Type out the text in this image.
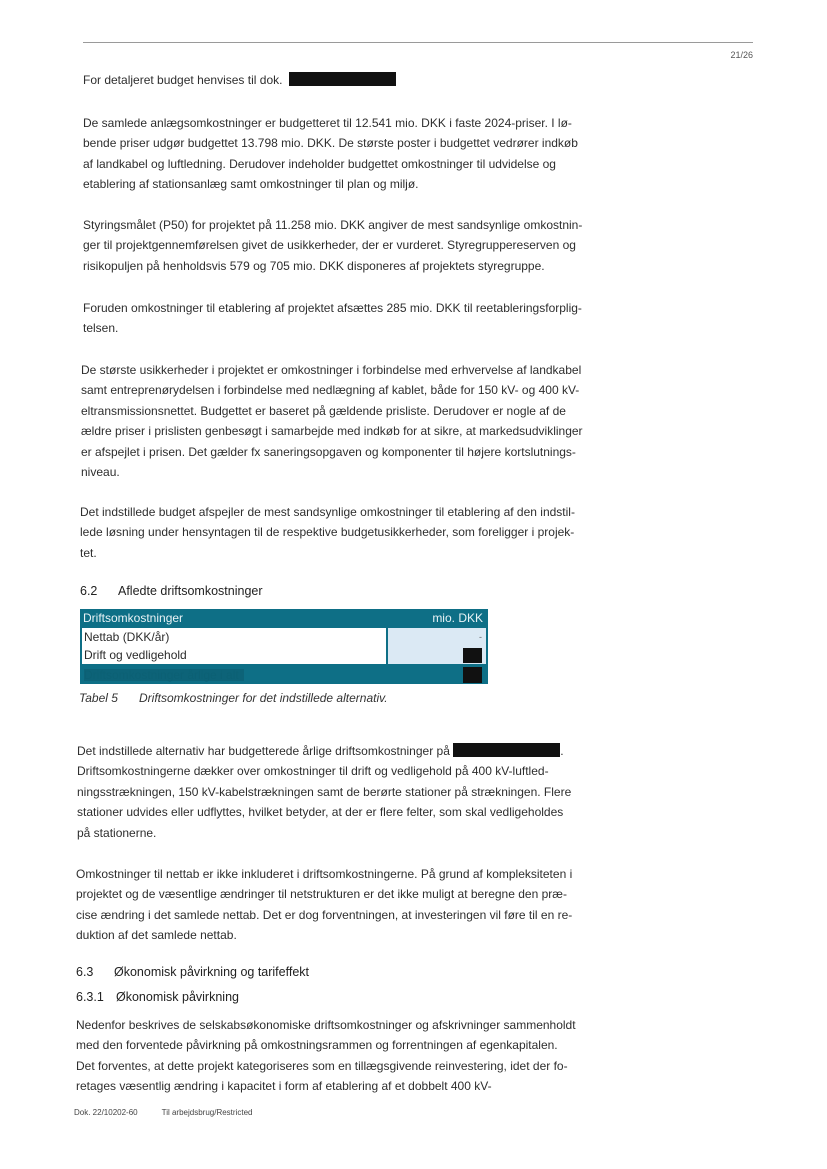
21/26

For detaljeret budget henvises til dok.

De samlede anlægsomkostninger er budgetteret til 12.541 mio. DKK i faste 2024-priser. I lø-
bende priser udgør budgettet 13.798 mio. DKK. De største poster i budgettet vedrører indkøb
af landkabel og luftledning. Derudover indeholder budgettet omkostninger til udvidelse og
etablering af stationsanlæg samt omkostninger til plan og miljø.

Styringsmålet (P50) for projektet på 11.258 mio. DKK angiver de mest sandsynlige omkostnin-
ger til projektgennemførelsen givet de usikkerheder, der er vurderet. Styregruppereserven og
risikopuljen på henholdsvis 579 og 705 mio. DKK disponeres af projektets styregruppe.

Foruden omkostninger til etablering af projektet afsættes 285 mio. DKK til reetableringsforplig-
telsen.

De største usikkerheder i projektet er omkostninger i forbindelse med erhvervelse af landkabel
samt entreprenørydelsen i forbindelse med nedlægning af kablet, både for 150 kV- og 400 kV-
eltransmissionsnettet. Budgettet er baseret på gældende prisliste. Derudover er nogle af de
ældre priser i prislisten genbesøgt i samarbejde med indkøb for at sikre, at markedsudviklinger
er afspejlet i prisen. Det gælder fx saneringsopgaven og komponenter til højere kortslutnings-
niveau.

Det indstillede budget afspejler de mest sandsynlige omkostninger til etablering af den indstil-
lede løsning under hensyntagen til de respektive budgetusikkerheder, som foreligger i projek-
tet.

6.2 Afledte driftsomkostninger
Driftsomkostninger	mio. DKK
Nettab (DKK/år)	-
Drift og vedligehold
Tabel 5 Driftsomkostninger for det indstillede alternativ.

Det indstillede alternativ har budgetterede årlige driftsomkostninger på	.
Driftsomkostningerne dækker over omkostninger til drift og vedligehold på 400 kV-luftled-
ningsstrækningen, 150 kV-kabelstrækningen samt de berørte stationer på strækningen. Flere
stationer udvides eller udflyttes, hvilket betyder, at der er flere felter, som skal vedligeholdes
på stationerne.

Omkostninger til nettab er ikke inkluderet i driftsomkostningerne. På grund af kompleksiteten i
projektet og de væsentlige ændringer til netstrukturen er det ikke muligt at beregne den præ-
cise ændring i det samlede nettab. Det er dog forventningen, at investeringen vil føre til en re-
duktion af det samlede nettab.

6.3 Økonomisk påvirkning og tarifeffekt
6.3.1 Økonomisk påvirkning

Nedenfor beskrives de selskabsøkonomiske driftsomkostninger og afskrivninger sammenholdt
med den forventede påvirkning på omkostningsrammen og forrentningen af egenkapitalen.
Det forventes, at dette projekt kategoriseres som en tillægsgivende reinvestering, idet der fo-
retages væsentlig ændring i kapacitet i form af etablering af et dobbelt 400 kV-

Dok. 22/10202-60	Til arbejdsbrug/Restricted
